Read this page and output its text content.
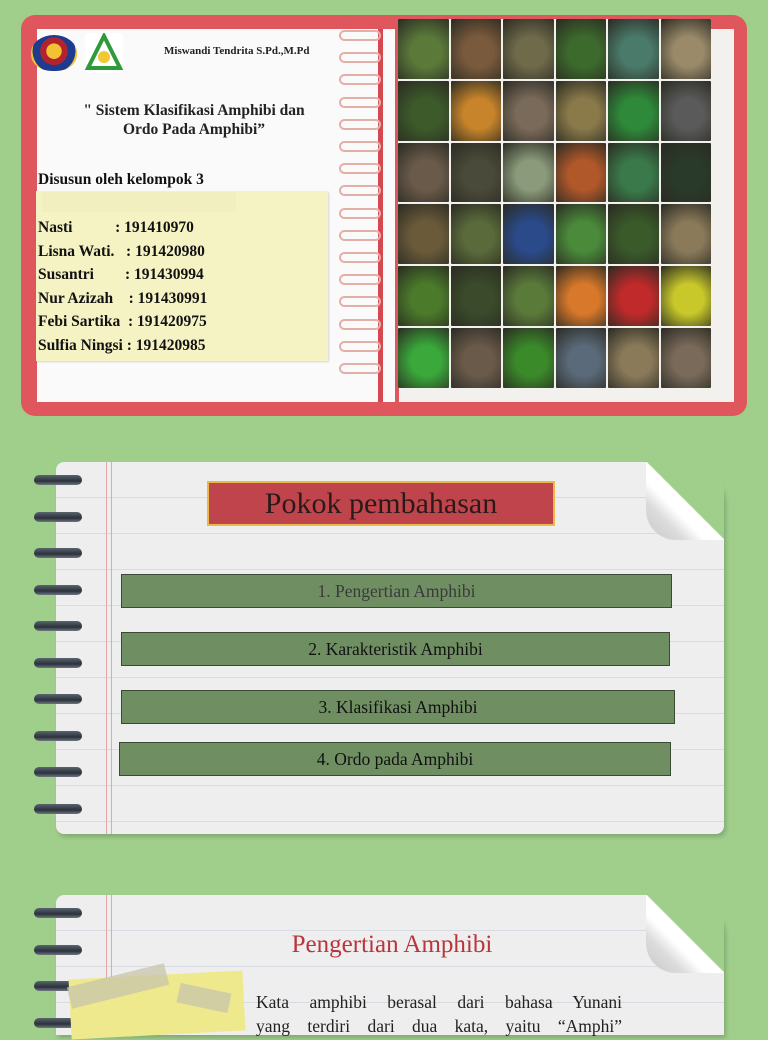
Miswandi Tendrita S.Pd.,M.Pd
" Sistem Klasifikasi Amphibi dan
Ordo Pada Amphibi”
Disusun oleh kelompok 3
Nasti : 191410970
Lisna Wati. : 191420980
Susantri : 191430994
Nur Azizah : 191430991
Febi Sartika : 191420975
Sulfia Ningsi : 191420985
Pokok pembahasan
1. Pengertian Amphibi
2. Karakteristik Amphibi
3. Klasifikasi Amphibi
4. Ordo pada Amphibi
Pengertian Amphibi
Kata amphibi berasal dari bahasa Yunani
yang terdiri dari dua kata, yaitu “Amphi”
